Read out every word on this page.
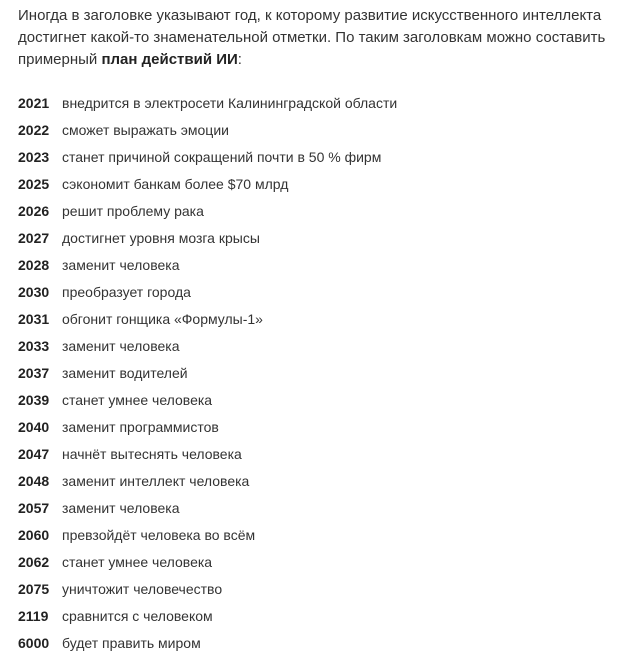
Иногда в заголовке указывают год, к которому развитие искусственного интеллекта достигнет какой-то знаменательной отметки. По таким заголовкам можно составить примерный план действий ИИ:

2021 внедрится в электросети Калининградской области
2022 сможет выражать эмоции
2023 станет причиной сокращений почти в 50 % фирм
2025 сэкономит банкам более $70 млрд
2026 решит проблему рака
2027 достигнет уровня мозга крысы
2028 заменит человека
2030 преобразует города
2031 обгонит гонщика «Формулы-1»
2033 заменит человека
2037 заменит водителей
2039 станет умнее человека
2040 заменит программистов
2047 начнёт вытеснять человека
2048 заменит интеллект человека
2057 заменит человека
2060 превзойдёт человека во всём
2062 станет умнее человека
2075 уничтожит человечество
2119 сравнится с человеком
6000 будет править миром
